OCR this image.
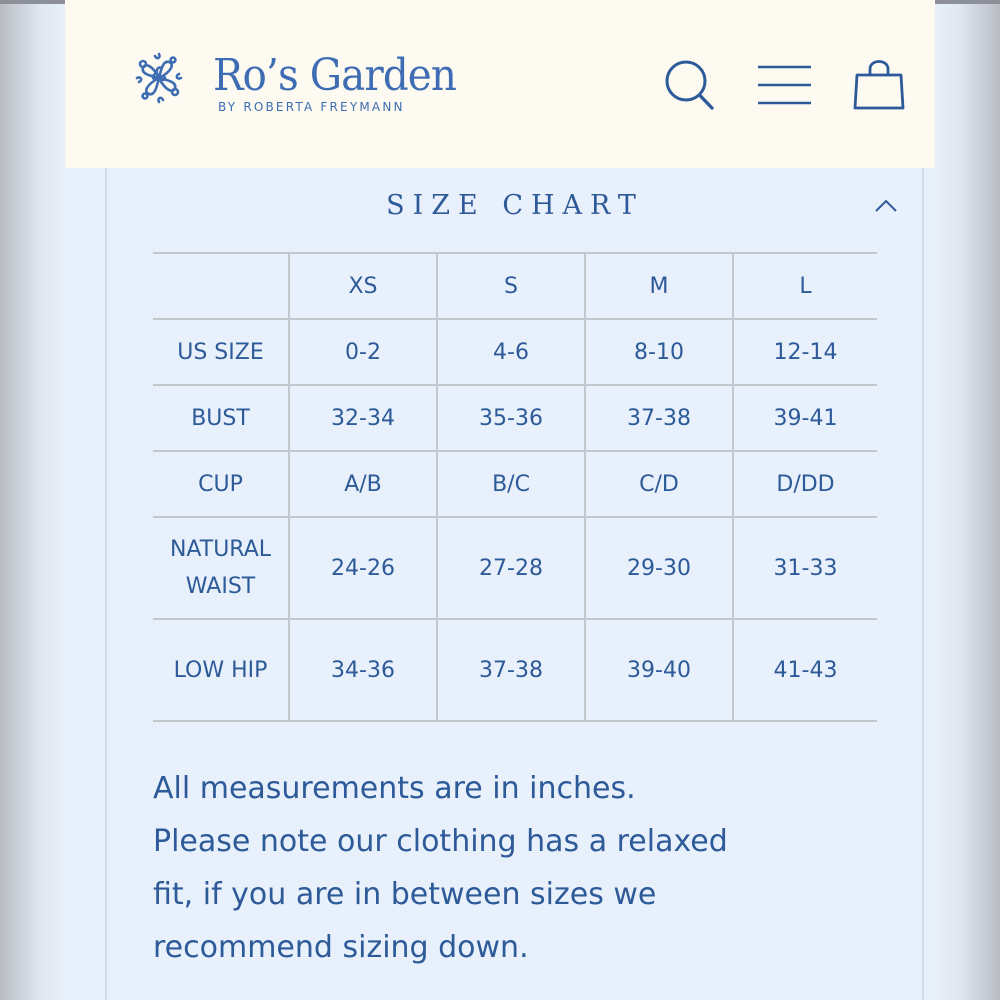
Ro’s Garden
BY ROBERTA FREYMANN
SIZE CHART
	XS	S	M	L
US SIZE	0-2	4-6	8-10	12-14
BUST	32-34	35-36	37-38	39-41
CUP	A/B	B/C	C/D	D/DD
NATURAL WAIST	24-26	27-28	29-30	31-33
LOW HIP	34-36	37-38	39-40	41-43
All measurements are in inches.
Please note our clothing has a relaxed
fit, if you are in between sizes we
recommend sizing down.
